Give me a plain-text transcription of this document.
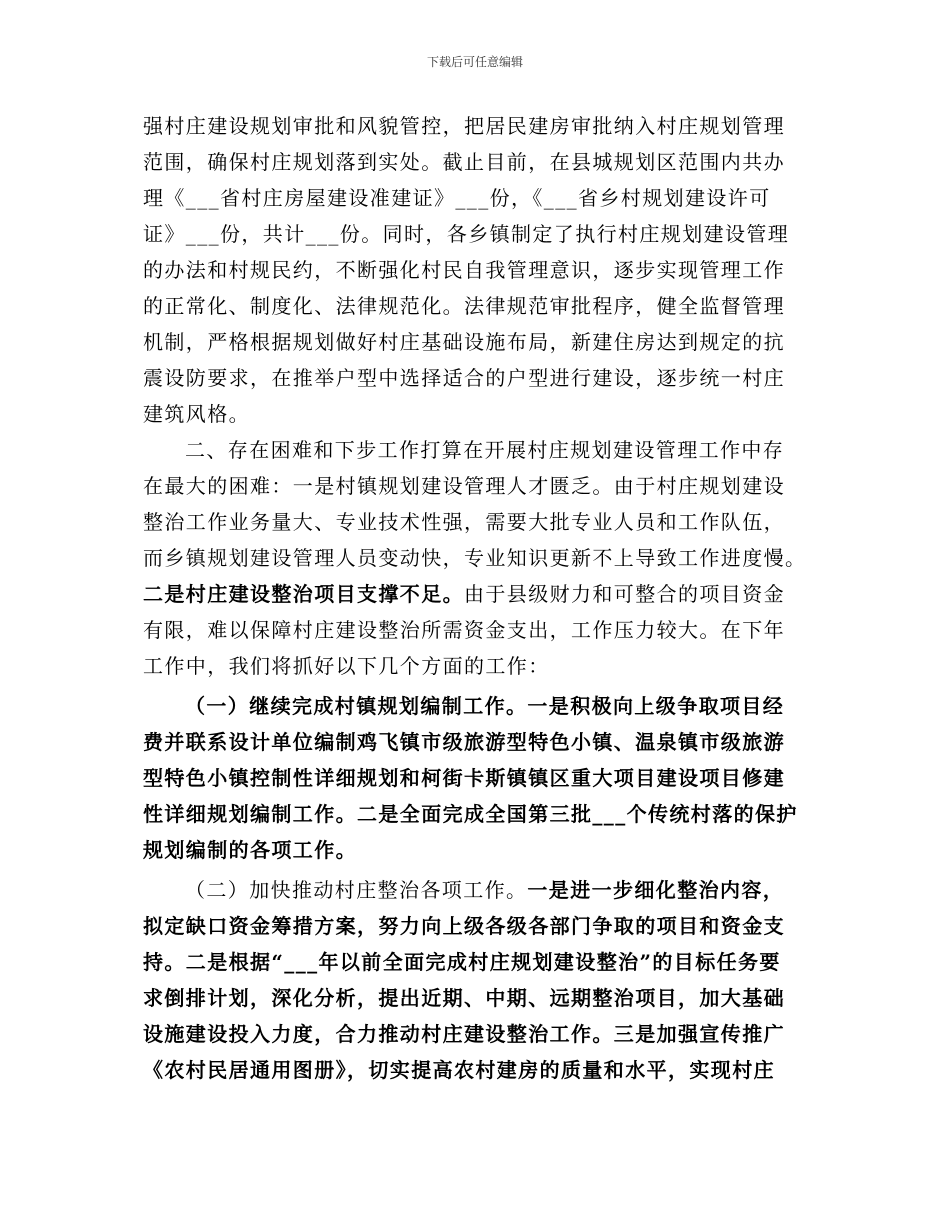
下载后可任意编辑

强村庄建设规划审批和风貌管控，把居民建房审批纳入村庄规划管理
范围，确保村庄规划落到实处。截止目前，在县城规划区范围内共办
理《___省村庄房屋建设准建证》___份，《___省乡村规划建设许可
证》___份，共计___份。同时，各乡镇制定了执行村庄规划建设管理
的办法和村规民约，不断强化村民自我管理意识，逐步实现管理工作
的正常化、制度化、法律规范化。法律规范审批程序，健全监督管理
机制，严格根据规划做好村庄基础设施布局，新建住房达到规定的抗
震设防要求，在推举户型中选择适合的户型进行建设，逐步统一村庄
建筑风格。

二、存在困难和下步工作打算在开展村庄规划建设管理工作中存
在最大的困难：一是村镇规划建设管理人才匮乏。由于村庄规划建设
整治工作业务量大、专业技术性强，需要大批专业人员和工作队伍，
而乡镇规划建设管理人员变动快，专业知识更新不上导致工作进度慢。
二是村庄建设整治项目支撑不足。由于县级财力和可整合的项目资金
有限，难以保障村庄建设整治所需资金支出，工作压力较大。在下年
工作中，我们将抓好以下几个方面的工作：

（一）继续完成村镇规划编制工作。一是积极向上级争取项目经
费并联系设计单位编制鸡飞镇市级旅游型特色小镇、温泉镇市级旅游
型特色小镇控制性详细规划和柯街卡斯镇镇区重大项目建设项目修建
性详细规划编制工作。二是全面完成全国第三批___个传统村落的保护
规划编制的各项工作。

（二）加快推动村庄整治各项工作。一是进一步细化整治内容，
拟定缺口资金筹措方案，努力向上级各级各部门争取的项目和资金支
持。二是根据“___年以前全面完成村庄规划建设整治”的目标任务要
求倒排计划，深化分析，提出近期、中期、远期整治项目，加大基础
设施建设投入力度，合力推动村庄建设整治工作。三是加强宣传推广
《农村民居通用图册》，切实提高农村建房的质量和水平，实现村庄
